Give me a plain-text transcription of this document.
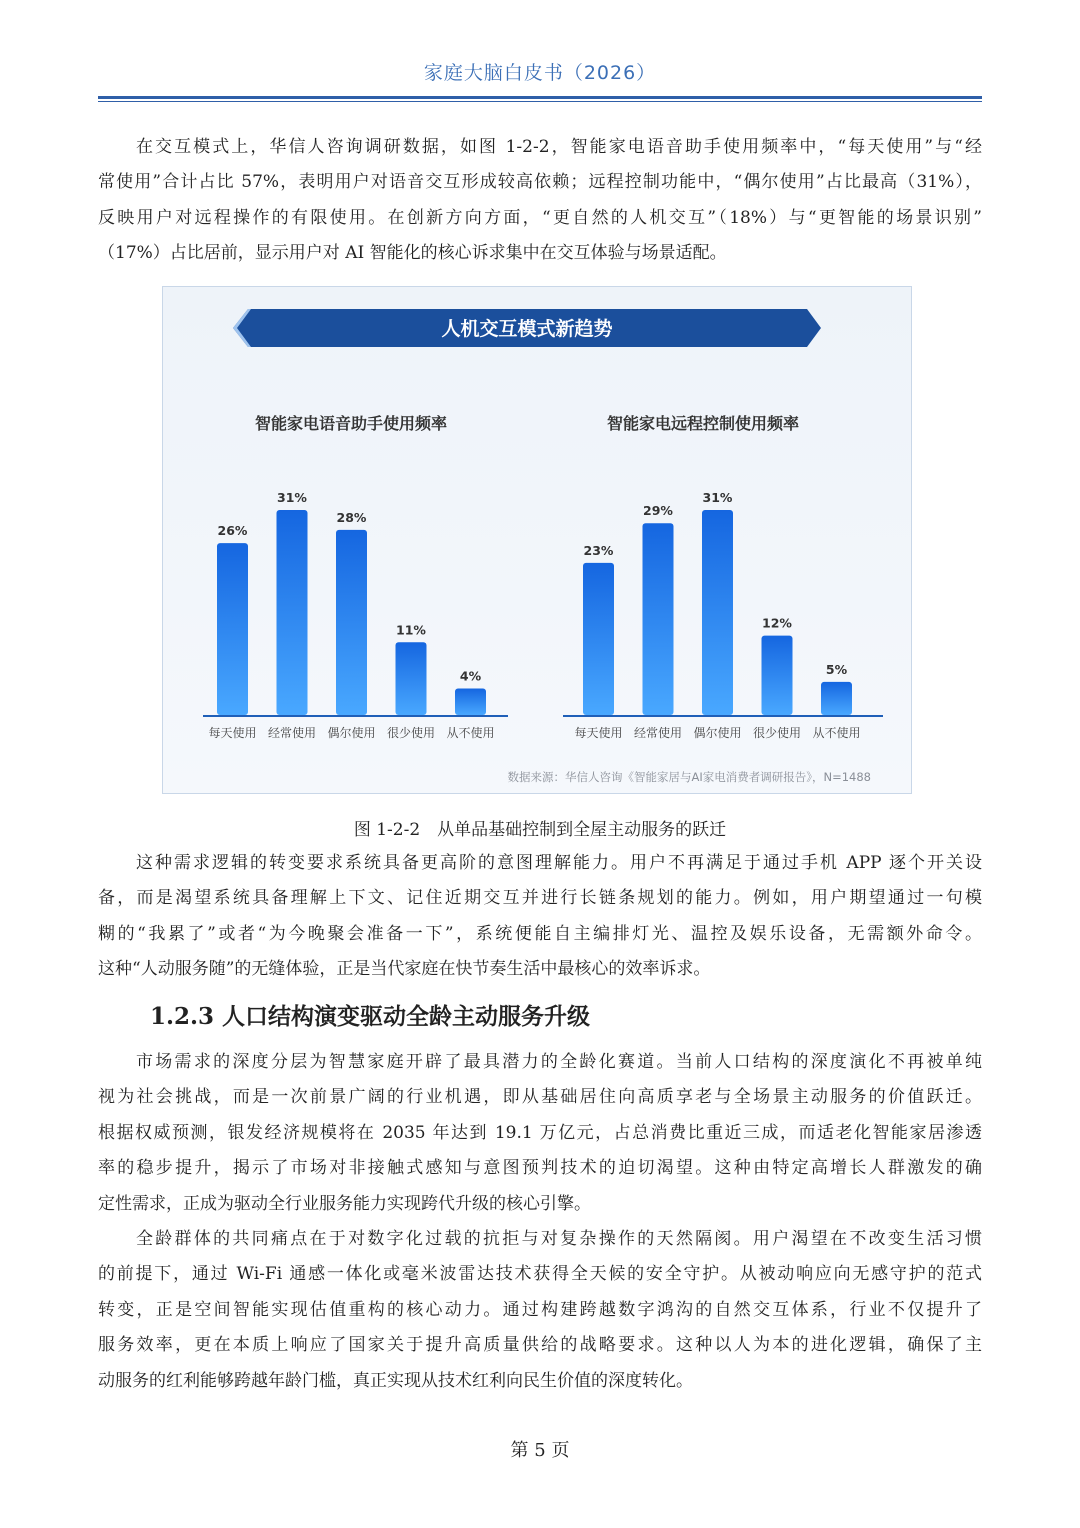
家庭大脑白皮书（2026）
在交互模式上，华信人咨询调研数据，如图 1-2-2，智能家电语音助手使用频率中，“每天使用”与“经
常使用”合计占比 57%，表明用户对语音交互形成较高依赖；远程控制功能中，“偶尔使用”占比最高（31%），
反映用户对远程操作的有限使用。在创新方向方面，“更自然的人机交互”（18%）与“更智能的场景识别”
（17%）占比居前，显示用户对 AI 智能化的核心诉求集中在交互体验与场景适配。
人机交互模式新趋势
智能家电语音助手使用频率	智能家电远程控制使用频率
26%
每天使用
31%
经常使用
28%
偶尔使用
11%
很少使用
4%
从不使用
23%
每天使用
29%
经常使用
31%
偶尔使用
12%
很少使用
5%
从不使用
数据来源：华信人咨询《智能家居与AI家电消费者调研报告》，N=1488
图 1-2-2　从单品基础控制到全屋主动服务的跃迁
这种需求逻辑的转变要求系统具备更高阶的意图理解能力。用户不再满足于通过手机 APP 逐个开关设
备，而是渴望系统具备理解上下文、记住近期交互并进行长链条规划的能力。例如，用户期望通过一句模
糊的“我累了”或者“为今晚聚会准备一下”，系统便能自主编排灯光、温控及娱乐设备，无需额外命令。
这种“人动服务随”的无缝体验，正是当代家庭在快节奏生活中最核心的效率诉求。
1.2.3 人口结构演变驱动全龄主动服务升级
市场需求的深度分层为智慧家庭开辟了最具潜力的全龄化赛道。当前人口结构的深度演化不再被单纯
视为社会挑战，而是一次前景广阔的行业机遇，即从基础居住向高质享老与全场景主动服务的价值跃迁。
根据权威预测，银发经济规模将在 2035 年达到 19.1 万亿元，占总消费比重近三成，而适老化智能家居渗透
率的稳步提升，揭示了市场对非接触式感知与意图预判技术的迫切渴望。这种由特定高增长人群激发的确
定性需求，正成为驱动全行业服务能力实现跨代升级的核心引擎。
全龄群体的共同痛点在于对数字化过载的抗拒与对复杂操作的天然隔阂。用户渴望在不改变生活习惯
的前提下，通过 Wi-Fi 通感一体化或毫米波雷达技术获得全天候的安全守护。从被动响应向无感守护的范式
转变，正是空间智能实现估值重构的核心动力。通过构建跨越数字鸿沟的自然交互体系，行业不仅提升了
服务效率，更在本质上响应了国家关于提升高质量供给的战略要求。这种以人为本的进化逻辑，确保了主
动服务的红利能够跨越年龄门槛，真正实现从技术红利向民生价值的深度转化。
第 5 页
